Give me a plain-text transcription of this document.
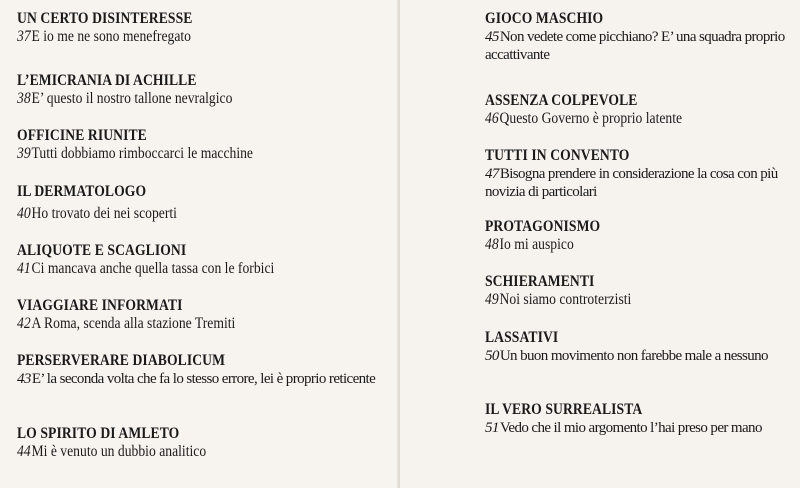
UN CERTO DISINTERESSE
37E io me ne sono menefregato
L’EMICRANIA DI ACHILLE
38E’ questo il nostro tallone nevralgico
OFFICINE RIUNITE
39Tutti dobbiamo rimboccarci le macchine
IL DERMATOLOGO
40Ho trovato dei nei scoperti
ALIQUOTE E SCAGLIONI
41Ci mancava anche quella tassa con le forbici
VIAGGIARE INFORMATI
42A Roma, scenda alla stazione Tremiti
PERSERVERARE DIABOLICUM
43E’ la seconda volta che fa lo stesso errore, lei è proprio reticente
LO SPIRITO DI AMLETO
44Mi è venuto un dubbio analitico
GIOCO MASCHIO
45Non vedete come picchiano? E’ una squadra proprio accattivante
ASSENZA COLPEVOLE
46Questo Governo è proprio latente
TUTTI IN CONVENTO
47Bisogna prendere in considerazione la cosa con più novizia di particolari
PROTAGONISMO
48Io mi auspico
SCHIERAMENTI
49Noi siamo controterzisti
LASSATIVI
50Un buon movimento non farebbe male a nessuno
IL VERO SURREALISTA
51Vedo che il mio argomento l’hai preso per mano
